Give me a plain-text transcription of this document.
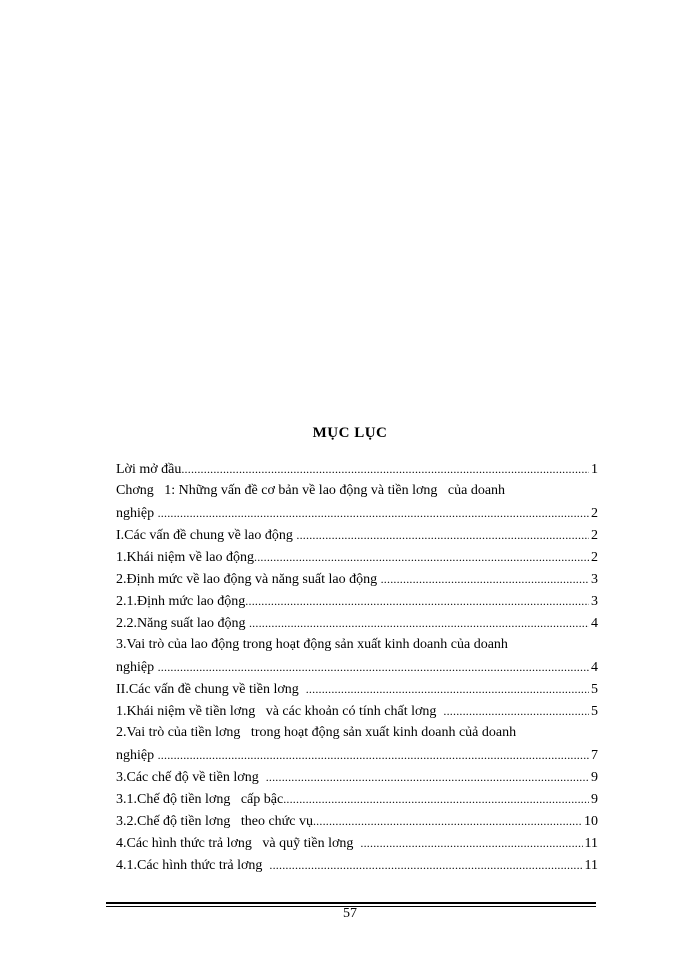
MỤC LỤC
Lời mở đầu .....	1
Chơng   1: Những vấn đề cơ bản về lao động và tiền lơng   của doanh
nghiệp .....	2
I.Các vấn đề chung về lao động .....	2
1.Khái niệm về lao động .....	2
2.Định mức về lao động và năng suất lao động .....	3
2.1.Định mức lao động .....	3
2.2.Năng suất lao động .....	4
3.Vai trò của lao động trong hoạt động sản xuất kinh doanh của doanh
nghiệp .....	4
II.Các vấn đề chung về tiền lơng .....	5
1.Khái niệm về tiền lơng   và các khoản có tính chất lơng .....	5
2.Vai trò của tiền lơng   trong hoạt động sản xuất kinh doanh củả doanh
nghiệp .....	7
3.Các chế độ về tiền lơng .....	9
3.1.Chế độ tiền lơng   cấp bậc .....	9
3.2.Chế độ tiền lơng   theo chức vụ .....	10
4.Các hình thức trả lơng   và quỹ tiền lơng .....	11
4.1.Các hình thức trả lơng .....	11
57
